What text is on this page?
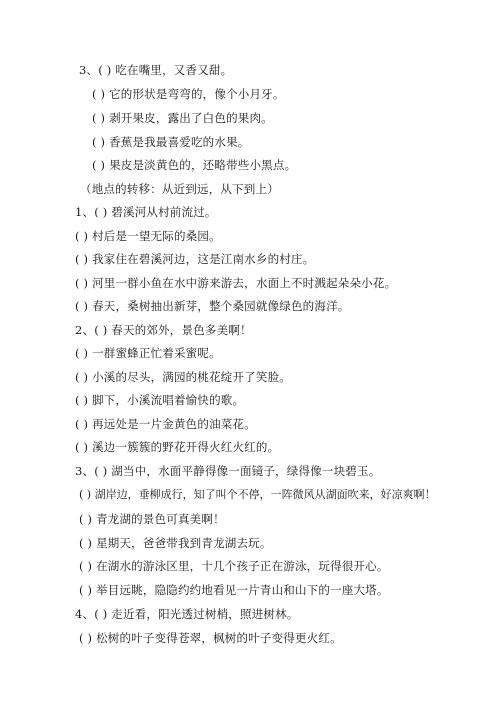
3、( ) 吃在嘴里，又香又甜。
( ) 它的形状是弯弯的，像个小月牙。
( ) 剥开果皮，露出了白色的果肉。
( ) 香蕉是我最喜爱吃的水果。
( ) 果皮是淡黄色的，还略带些小黑点。
（地点的转移：从近到远，从下到上）
1、( ) 碧溪河从村前流过。
( ) 村后是一望无际的桑园。
( ) 我家住在碧溪河边，这是江南水乡的村庄。
( ) 河里一群小鱼在水中游来游去，水面上不时溅起朵朵小花。
( ) 春天，桑树抽出新芽，整个桑园就像绿色的海洋。
2、( ) 春天的郊外，景色多美啊！
( ) 一群蜜蜂正忙着采蜜呢。
( ) 小溪的尽头，满园的桃花绽开了笑脸。
( ) 脚下，小溪流唱着愉快的歌。
( ) 再远处是一片金黄色的油菜花。
( ) 溪边一簇簇的野花开得火红火红的。
3、( ) 湖当中，水面平静得像一面镜子，绿得像一块碧玉。
( ) 湖岸边，垂柳成行，知了叫个不停，一阵微风从湖面吹来，好凉爽啊！
( ) 青龙湖的景色可真美啊！
( ) 星期天，爸爸带我到青龙湖去玩。
( ) 在湖水的游泳区里，十几个孩子正在游泳，玩得很开心。
( ) 举目远眺，隐隐约约地看见一片青山和山下的一座大塔。
4、( ) 走近看，阳光透过树梢，照进树林。
( ) 松树的叶子变得苍翠，枫树的叶子变得更火红。
